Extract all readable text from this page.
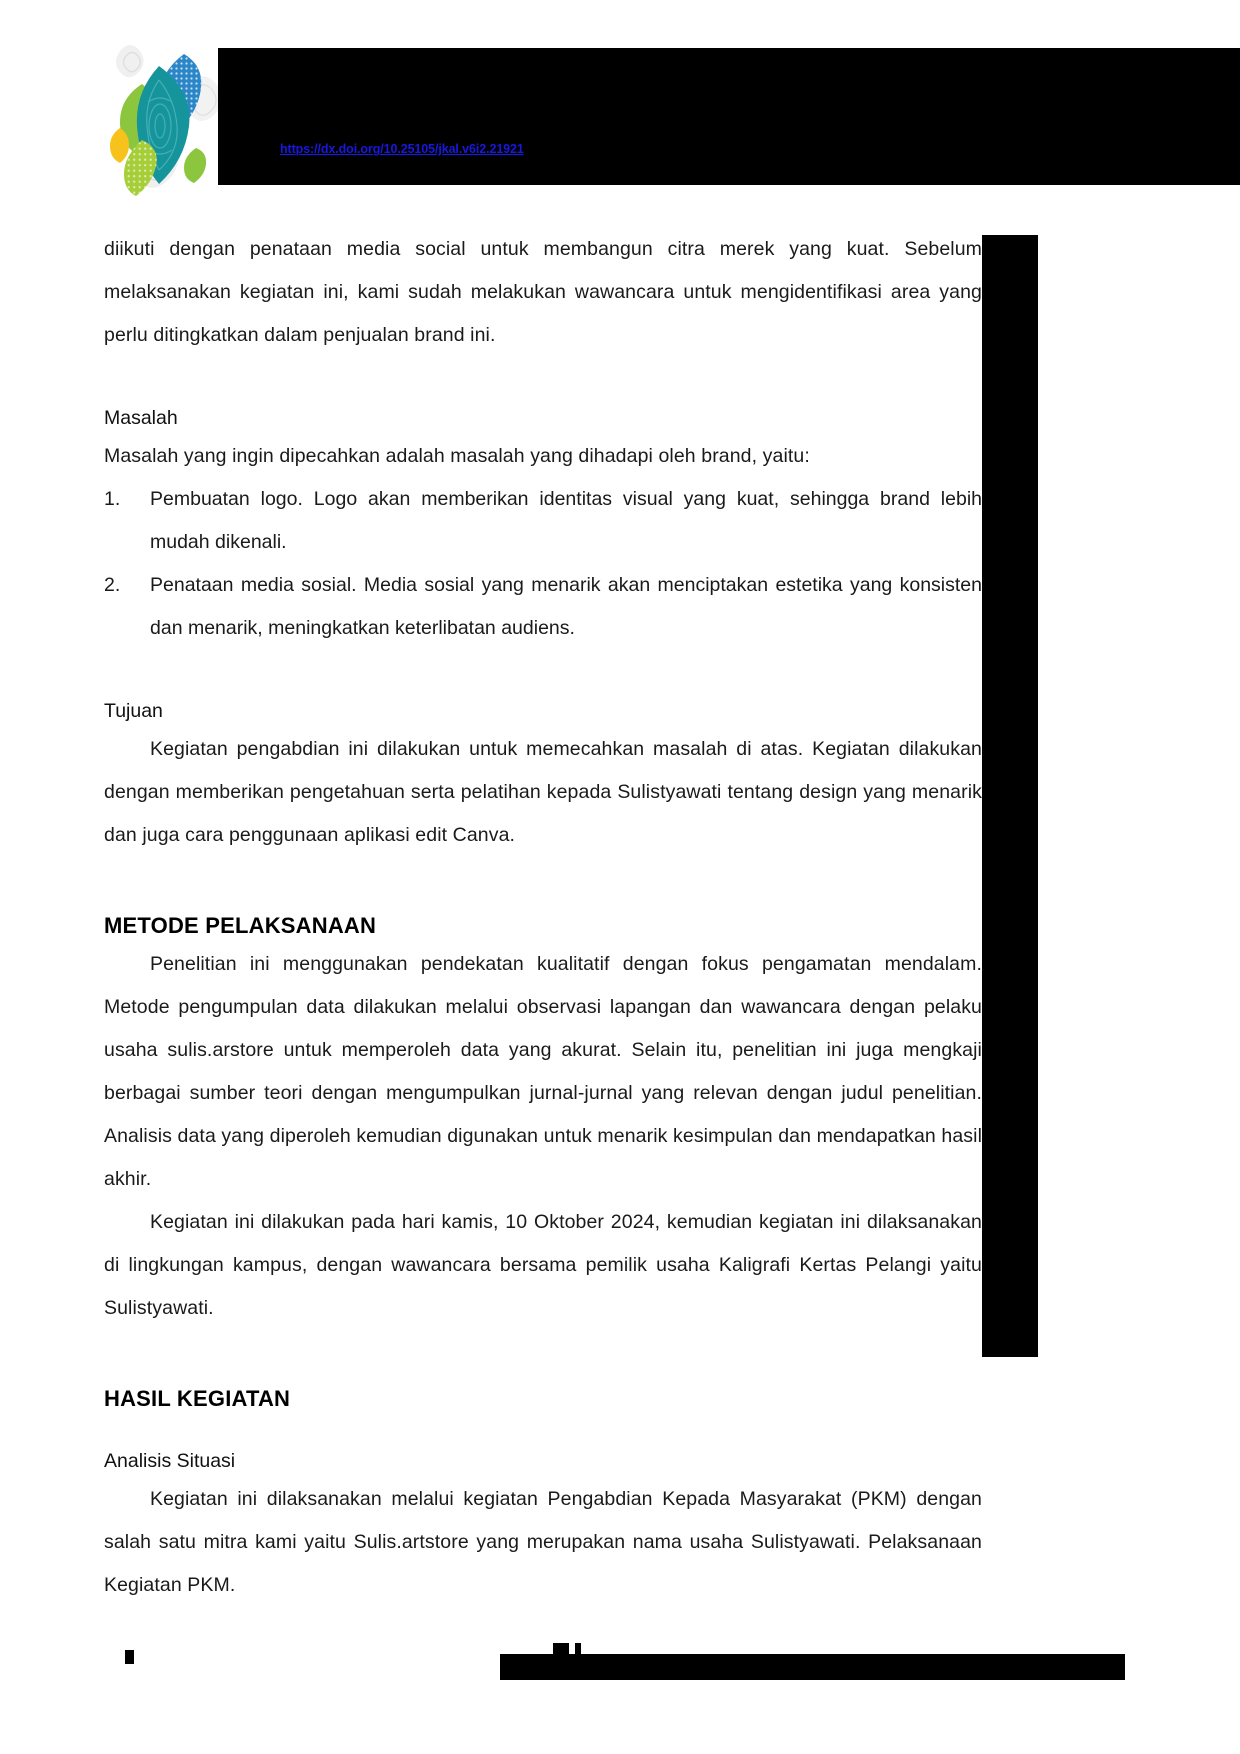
https://dx.doi.org/10.25105/jkal.v6i2.21921

diikuti dengan penataan media social untuk membangun citra merek yang kuat. Sebelum melaksanakan kegiatan ini, kami sudah melakukan wawancara untuk mengidentifikasi area yang perlu ditingkatkan dalam penjualan brand ini.

Masalah

Masalah yang ingin dipecahkan adalah masalah yang dihadapi oleh brand, yaitu:

1.	Pembuatan logo. Logo akan memberikan identitas visual yang kuat, sehingga brand lebih mudah dikenali.
2.	Penataan media sosial. Media sosial yang menarik akan menciptakan estetika yang konsisten dan menarik, meningkatkan keterlibatan audiens.

Tujuan

Kegiatan pengabdian ini dilakukan untuk memecahkan masalah di atas. Kegiatan dilakukan dengan memberikan pengetahuan serta pelatihan kepada Sulistyawati tentang design yang menarik dan juga cara penggunaan aplikasi edit Canva.

METODE PELAKSANAAN

Penelitian ini menggunakan pendekatan kualitatif dengan fokus pengamatan mendalam. Metode pengumpulan data dilakukan melalui observasi lapangan dan wawancara dengan pelaku usaha sulis.arstore untuk memperoleh data yang akurat. Selain itu, penelitian ini juga mengkaji berbagai sumber teori dengan mengumpulkan jurnal-jurnal yang relevan dengan judul penelitian. Analisis data yang diperoleh kemudian digunakan untuk menarik kesimpulan dan mendapatkan hasil akhir.

Kegiatan ini dilakukan pada hari kamis, 10 Oktober 2024, kemudian kegiatan ini dilaksanakan di lingkungan kampus, dengan wawancara bersama pemilik usaha Kaligrafi Kertas Pelangi yaitu Sulistyawati.

HASIL KEGIATAN

Analisis Situasi

Kegiatan ini dilaksanakan melalui kegiatan Pengabdian Kepada Masyarakat (PKM) dengan salah satu mitra kami yaitu Sulis.artstore yang merupakan nama usaha Sulistyawati. Pelaksanaan Kegiatan PKM.
